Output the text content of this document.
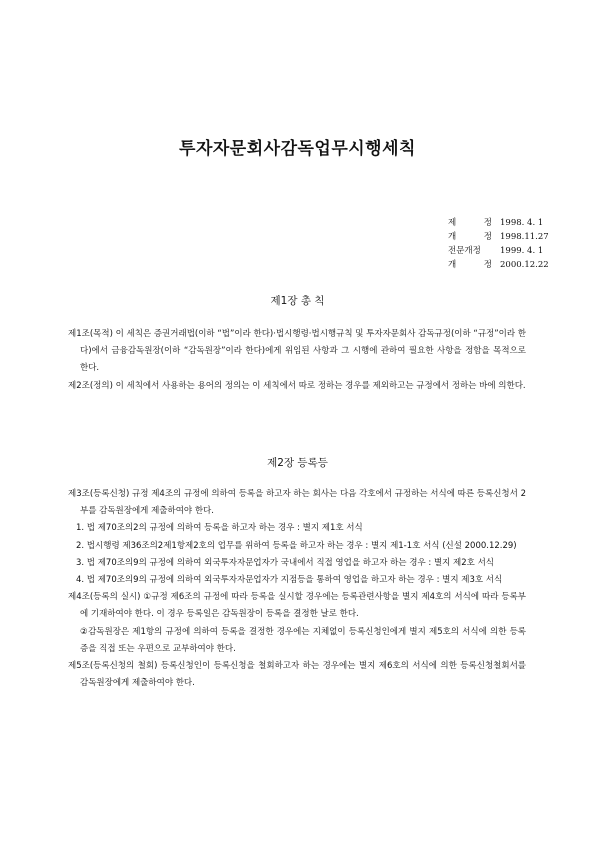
투자자문회사감독업무시행세칙
제 정 1998. 4. 1
개 정 1998.11.27
전문개정	1999. 4. 1
개 정 2000.12.22
제1장 총 칙
제1조(목적) 이 세칙은 증권거래법(이하 “법”이라 한다)·법시행령·법시행규칙 및 투자자문회사 감독규정(이하 “규정”이라 한다)에서 금융감독원장(이하 “감독원장”이라 한다)에게 위임된 사항과 그 시행에 관하여 필요한 사항을 정함을 목적으로 한다.
제2조(정의) 이 세칙에서 사용하는 용어의 정의는 이 세칙에서 따로 정하는 경우를 제외하고는 규정에서 정하는 바에 의한다.
제2장 등록등
제3조(등록신청) 규정 제4조의 규정에 의하여 등록을 하고자 하는 회사는 다음 각호에서 규정하는 서식에 따른 등록신청서 2부를 감독원장에게 제출하여야 한다.
1. 법 제70조의2의 규정에 의하여 등록을 하고자 하는 경우 : 별지 제1호 서식
2. 법시행령 제36조의2제1항제2호의 업무를 위하여 등록을 하고자 하는 경우 : 별지 제1-1호 서식 (신설 2000.12.29)
3. 법 제70조의9의 규정에 의하여 외국투자자문업자가 국내에서 직접 영업을 하고자 하는 경우 : 별지 제2호 서식
4. 법 제70조의9의 규정에 의하여 외국투자자문업자가 지점등을 통하여 영업을 하고자 하는 경우 : 별지 제3호 서식
제4조(등록의 실시) ①규정 제6조의 규정에 따라 등록을 실시할 경우에는 등록관련사항을 별지 제4호의 서식에 따라 등록부에 기재하여야 한다. 이 경우 등록일은 감독원장이 등록을 결정한 날로 한다.
②감독원장은 제1항의 규정에 의하여 등록을 결정한 경우에는 지체없이 등록신청인에게 별지 제5호의 서식에 의한 등록증을 직접 또는 우편으로 교부하여야 한다.
제5조(등록신청의 철회) 등록신청인이 등록신청을 철회하고자 하는 경우에는 별지 제6호의 서식에 의한 등록신청철회서를 감독원장에게 제출하여야 한다.
